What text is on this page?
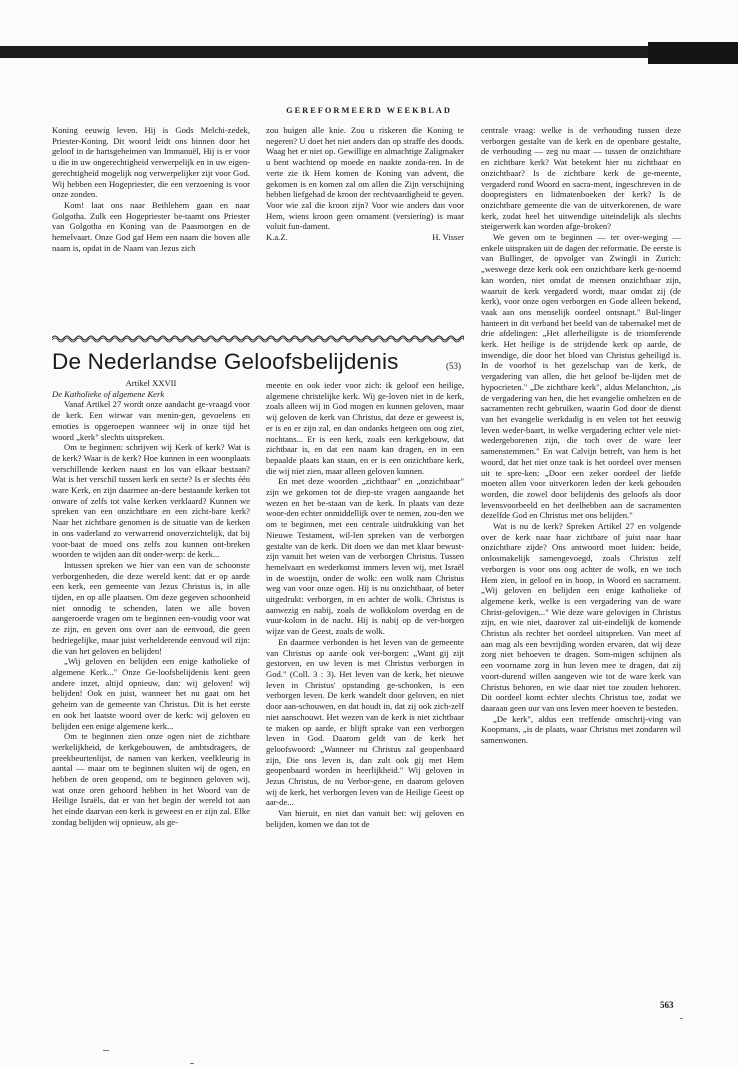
GEREFORMEERD WEEKBLAD

Koning eeuwig leven. Hij is Gods Melchi-zedek, Priester-Koning. Dit woord leidt ons binnen door het geloof in de hartsgeheimen van Immanuël, Hij is er voor u die in uw ongerechtigheid verwerpelijk en in uw eigen-gerechtigheid mogelijk nog verwerpelijker zijt voor God. Wij hebben een Hogepriester, die een verzoening is voor onze zonden.

Kom! laat ons naar Bethlehem gaan en naar Golgotha. Zulk een Hogepriester be-taamt ons Priester van Golgotha en Koning van de Paasmorgen en de hemelvaart. Onze God gaf Hem een naam die boven alle naam is, opdat in de Naam van Jezus zich

zou buigen alle knie. Zou u riskeren die Koning te negeren? U doet het niet anders dan op straffe des doods. Waag het er niet op. Gewillige en almachtige Zaligmaker u bent wachtend op moede en naakte zonda-ren. In de verte zie ik Hem komen de Koning van advent, die gekomen is en komen zal om allen die Zijn verschijning hebben liefgehad de kroon der rechtvaardigheid te geven. Voor wie zal die kroon zijn? Voor wie anders dan voor Hem, wiens kroon geen ornament (versiering) is maar voluit fun-dament.

K.a.Z.	H. Visser
De Nederlandse Geloofsbelijdenis	(53)
Artikel XXVII
De Katholieke of algemene Kerk

Vanaf Artikel 27 wordt onze aandacht ge-vraagd voor de kerk. Een wirwar van menin-gen, gevoelens en emoties is opgeroepen wanneer wij in onze tijd het woord „kerk" slechts uitspreken.

Om te beginnen: schrijven wij Kerk of kerk? Wat is de kerk? Waar is de kerk? Hoe kunnen in een woonplaats verschillende kerken naast en los van elkaar bestaan? Wat is het verschil tussen kerk en secte? Is er slechts één ware Kerk, en zijn daarmee an-dere bestaande kerken tot onware of zelfs tot valse kerken verklaard? Kunnen we spreken van een onzichtbare en een zicht-bare kerk? Naar het zichtbare genomen is de situatie van de kerken in ons vaderland zo verwarrend onoverzichtelijk, dat bij voor-baat de moed ons zelfs zou kunnen ont-breken woorden te wijden aan dit onder-werp: de kerk...

Intussen spreken we hier van een van de schoonste verborgenheden, die deze wereld kent: dat er op aarde een kerk, een gemeente van Jezus Christus is, in alle tijden, en op alle plaatsen. Om deze gegeven schoonheid niet onnodig te schenden, laten we alle boven aangeroerde vragen om te beginnen een-voudig voor wat ze zijn, en geven ons over aan de eenvoud, die geen bedriegelijke, maar juist verhelderende eenvoud wil zijn: die van het geloven en belijden!

„Wij geloven en belijden een enige katholieke of algemene Kerk..." Onze Ge-loofsbelijdenis kent geen andere inzet, altijd opnieuw, dan: wij geloven! wij belijden! Ook en juist, wanneer het nu gaat om het geheim van de gemeente van Christus. Dit is het eerste en ook het laatste woord over de kerk: wij geloven en belijden een enige algemene kerk...

Om te beginnen zien onze ogen niet de zichtbare werkelijkheid, de kerkgebouwen, de ambtsdragers, de preekbeurtenlijst, de namen van kerken, veelkleurig in aantal — maar om te beginnen sluiten wij de ogen, en hebben de oren geopend, om te beginnen geloven wij, wat onze oren gehoord hebben in het Woord van de Heilige Israëls, dat er van het begin der wereld tot aan het einde daarvan een kerk is geweest en er zijn zal. Elke zondag belijden wij opnieuw, als ge-

meente en ook ieder voor zich: ik geloof een heilige, algemene christelijke kerk. Wij ge-loven niet in de kerk, zoals alleen wij in God mogen en kunnen geloven, maar wij geloven de kerk van Christus, dat deze er geweest is, er is en er zijn zal, en dan ondanks hetgeen ons oog ziet, nochtans... Er is een kerk, zoals een kerkgebouw, dat zichtbaar is, en dat een naam kan dragen, en in een bepaalde plaats kan staan, en er is een onzichtbare kerk, die wij niet zien, maar alleen geloven kunnen.

En met deze woorden „zichtbaar" en „onzichtbaar" zijn we gekomen tot de diep-ste vragen aangaande het wezen en het be-staan van de kerk. In plaats van deze woor-den echter onmiddellijk over te nemen, zou-den we om te beginnen, met een centrale uitdrukking van het Nieuwe Testament, wil-len spreken van de verborgen gestalte van de kerk. Dit doen we dan met klaar bewust-zijn vanuit het weten van de verborgen Christus. Tussen hemelvaart en wederkomst immers leven wij, met Israël in de woestijn, onder de wolk: een wolk nam Christus weg van voor onze ogen. Hij is nu onzichtbaar, of beter uitgedrukt: verborgen, in en achter de wolk. Christus is aanwezig en nabij, zoals de wolkkolom overdag en de vuur-kolom in de nacht. Hij is nabij op de ver-borgen wijze van de Geest, zoals de wolk.

En daarmee verbonden is het leven van de gemeente van Christus op aarde ook ver-borgen: „Want gij zijt gestorven, en uw leven is met Christus verborgen in God." (Coll. 3 : 3). Het leven van de kerk, het nieuwe leven in Christus' opstanding ge-schonken, is een verborgen leven. De kerk wandelt door geloven, en niet door aan-schouwen, en dat houdt in, dat zij ook zich-zelf niet aanschouwt. Het wezen van de kerk is niet zichtbaar te maken op aarde, er blijft sprake van een verborgen leven in God. Daarom geldt van de kerk het geloofswoord: „Wanneer nu Christus zal geopenbaard zijn, Die ons leven is, dan zult ook gij met Hem geopenbaard worden in heerlijkheid." Wij geloven in Jezus Christus, de nu Verbor-gene, en daarom geloven wij de kerk, het verborgen leven van de Heilige Geest op aar-de...

Van hieruit, en niet dan vanuit het: wij geloven en belijden, komen we dan tot de

centrale vraag: welke is de verhouding tussen deze verborgen gestalte van de kerk en de openbare gestalte, de verhouding — zeg nu maar — tussen de onzichtbare en zichtbare kerk? Wat betekent hier nu zichtbaar en onzichtbaar? Is de zichtbare kerk de ge-meente, vergaderd rond Woord en sacra-ment, ingeschreven in de doopregisters en lidmatenboeken der kerk? Is de onzichtbare gemeente die van de uitverkorenen, de ware kerk, zodat heel het uitwendige uiteindelijk als slechts steigerwerk kan worden afge-broken?

We geven om te beginnen — ter over-weging — enkele uitspraken uit de dagen der reformatie. De eerste is van Bullinger, de opvolger van Zwingli in Zurich: „weswege deze kerk ook een onzichtbare kerk ge-noemd kan worden, niet omdat de mensen onzichtbaar zijn, waaruit de kerk vergaderd wordt, maar omdat zij (de kerk), voor onze ogen verborgen en Gode alleen bekend, vaak aan ons menselijk oordeel ontsnapt." Bul-linger hanteert in dit verband het beeld van de tabernakel met de drie afdelingen: „Het allerheiligste is de triomferende kerk. Het heilige is de strijdende kerk op aarde, de inwendige, die door het bloed van Christus geheiligd is. In de voorhof is het gezelschap van de kerk, de vergadering van allen, die het geloof be-lijden met de hypocrieten." „De zichtbare kerk", aldus Melanchton, „is de vergadering van hen, die het evangelie omhelzen en de sacramenten recht gebruiken, waarin God door de dienst van het evangelie werkdadig is en velen tot het eeuwig leven weder-baart, in welke vergadering echter vele niet-wedergeborenen zijn, die toch over de ware leer samenstemmen." En wat Calvijn betreft, van hem is het woord, dat het niet onze taak is het oordeel over mensen uit te spre-ken: „Door een zeker oordeel der liefde moeten allen voor uitverkoren leden der kerk gehouden worden, die zowel door belijdenis des geloofs als door levensvoorbeeld en het deelhebben aan de sacramenten dezelfde God en Christus met ons belijden."

Wat is nu de kerk? Spreken Artikel 27 en volgende over de kerk naar haar zichtbare of juist naar haar onzichtbare zijde? Ons antwoord moet luiden: beide, onlosmakelijk samengevoegd, zoals Christus zelf verborgen is voor ons oog achter de wolk, en we toch Hem zien, in geloof en in hoop, in Woord en sacrament. „Wij geloven en belijden een enige katholieke of algemene kerk, welke is een vergadering van de ware Christ-gelovigen..." Wie deze ware gelovigen in Christus zijn, en wie niet, daarover zal uit-eindelijk de komende Christus als rechter het oordeel uitspreken. Van meet af aan mag als een bevrijding worden ervaren, dat wij deze zorg niet behoeven te dragen. Som-migen schijnen als een voorname zorg in hun leven mee te dragen, dat zij voort-durend willen aangeven wie tot de ware kerk van Christus behoren, en wie daar niet toe zouden behoren. Dit oordeel komt echter slechts Christus toe, zodat we daaraan geen uur van ons leven meer hoeven te besteden.

„De kerk", aldus een treffende omschrij-ving van Koopmans, „is de plaats, waar Christus met zondaren wil samenwonen.

563
